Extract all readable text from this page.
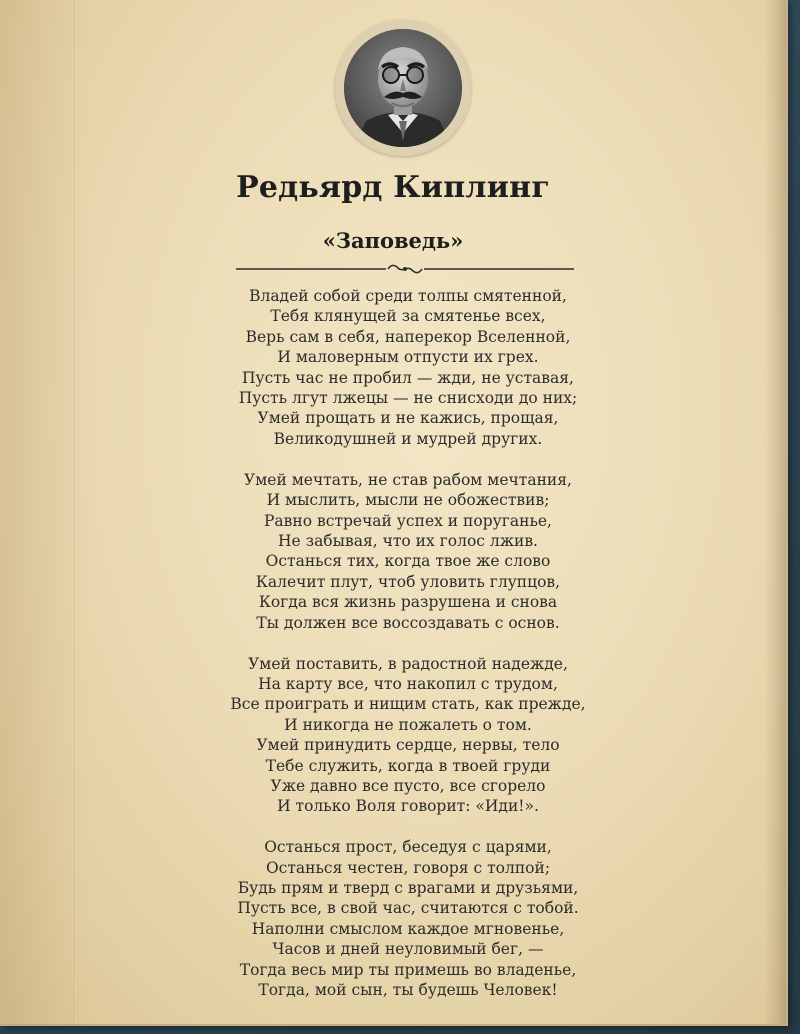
Редьярд Киплинг
«Заповедь»
Владей собой среди толпы смятенной,
Тебя клянущей за смятенье всех,
Верь сам в себя, наперекор Вселенной,
И маловерным отпусти их грех.
Пусть час не пробил — жди, не уставая,
Пусть лгут лжецы — не снисходи до них;
Умей прощать и не кажись, прощая,
Великодушней и мудрей других.
Умей мечтать, не став рабом мечтания,
И мыслить, мысли не обожествив;
Равно встречай успех и поруганье,
Не забывая, что их голос лжив.
Останься тих, когда твое же слово
Калечит плут, чтоб уловить глупцов,
Когда вся жизнь разрушена и снова
Ты должен все воссоздавать с основ.
Умей поставить, в радостной надежде,
На карту все, что накопил с трудом,
Все проиграть и нищим стать, как прежде,
И никогда не пожалеть о том.
Умей принудить сердце, нервы, тело
Тебе служить, когда в твоей груди
Уже давно все пусто, все сгорело
И только Воля говорит: «Иди!».
Останься прост, беседуя с царями,
Останься честен, говоря с толпой;
Будь прям и тверд с врагами и друзьями,
Пусть все, в свой час, считаются с тобой.
Наполни смыслом каждое мгновенье,
Часов и дней неуловимый бег, —
Тогда весь мир ты примешь во владенье,
Тогда, мой сын, ты будешь Человек!
